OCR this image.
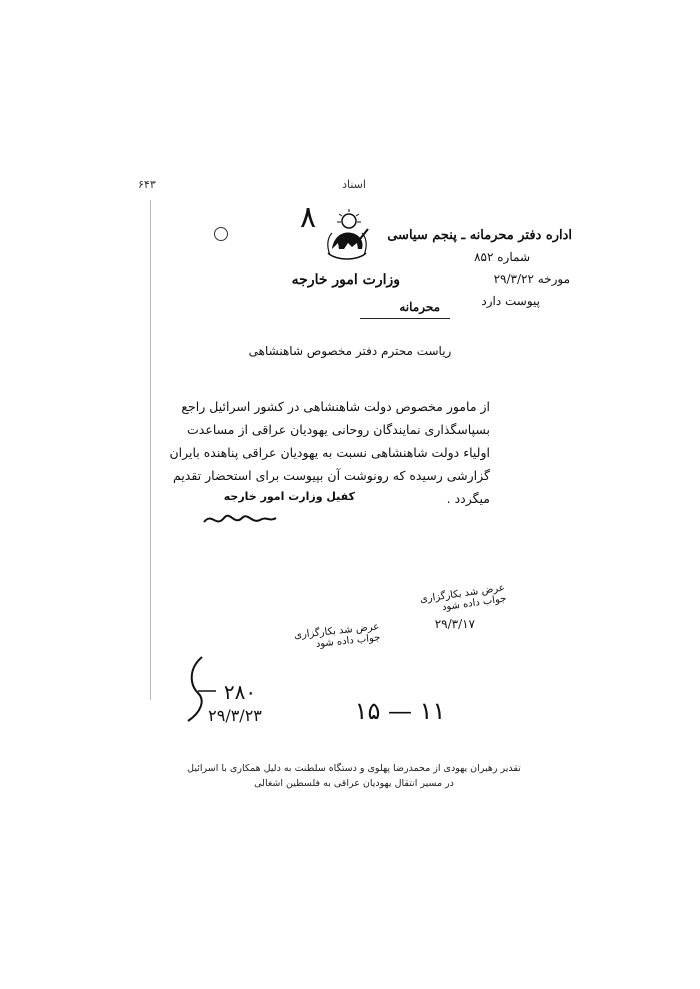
اسناد
۶۴۳
۸
اداره دفتر محرمانه ـ پنجم سیاسی
شماره ۸۵۲
مورخه ۲۹/۳/۲۲
وزارت امور خارجه
پیوست دارد
محرمانه
ریاست محترم دفتر مخصوص شاهنشاهی
از مامور مخصوص دولت شاهنشاهی در کشور اسرائیل راجع بسپاسگذاری نمایندگان روحانی یهودیان عراقی از مساعدت اولیاء دولت شاهنشاهی نسبت به یهودیان عراقی پناهنده بایران گزارشی رسیده که رونوشت آن بپیوست برای استحضار تقدیم میگردد .
کفیل وزارت امور خارجه
عرض شد بکارگزاری جواب داده شود
۲۹/۳/۱۷
عرض شد بکارگزاری جواب داده شود
۲۸۰
۲۹/۳/۲۳	۱۵ — ۱۱
تقدیر رهبران یهودی از محمدرضا پهلوی و دستگاه سلطنت به دلیل همکاری با اسرائیل
در مسیر انتقال یهودیان عراقی به فلسطین اشغالی
